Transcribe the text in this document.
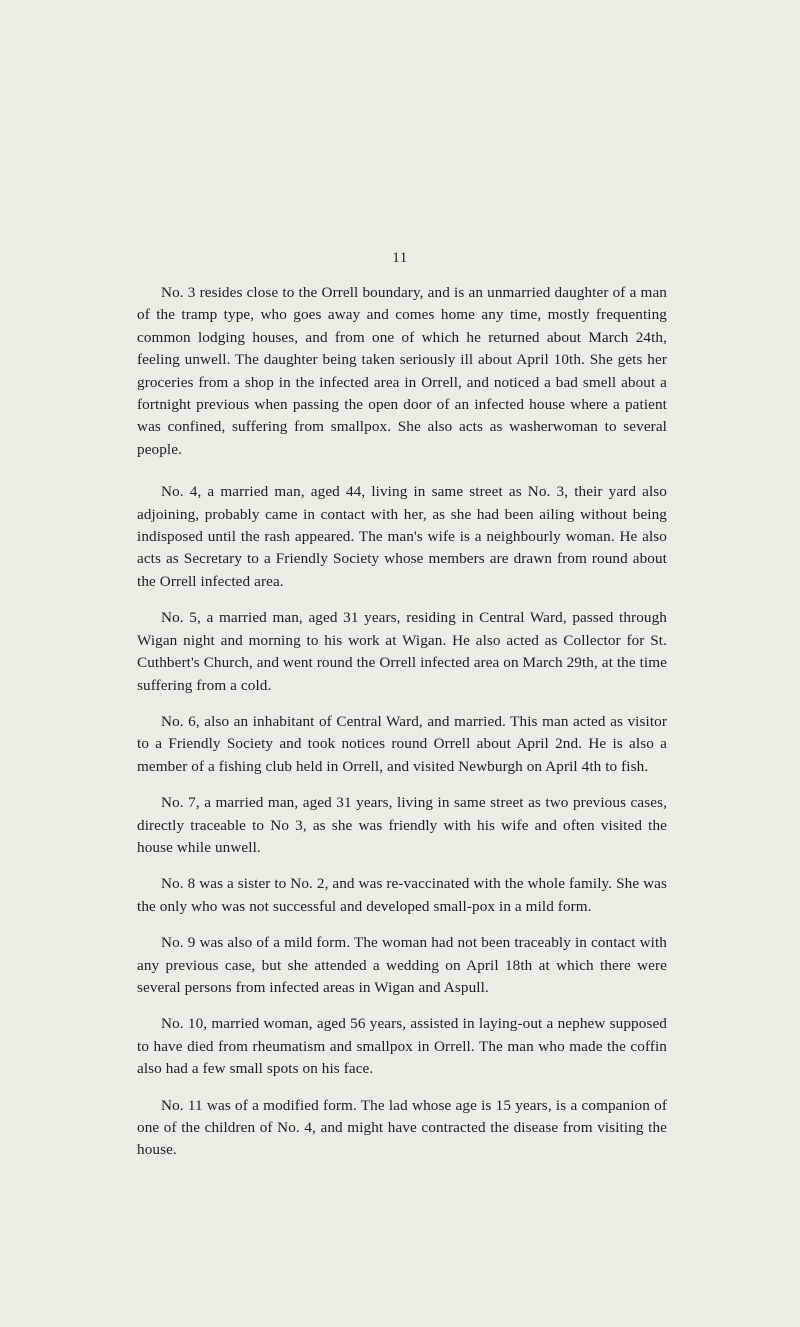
11

No. 3 resides close to the Orrell boundary, and is an unmarried daughter of a man of the tramp type, who goes away and comes home any time, mostly frequenting common lodging houses, and from one of which he returned about March 24th, feeling unwell. The daughter being taken seriously ill about April 10th. She gets her groceries from a shop in the infected area in Orrell, and noticed a bad smell about a fortnight previous when passing the open door of an infected house where a patient was confined, suffering from smallpox. She also acts as washerwoman to several people.

No. 4, a married man, aged 44, living in same street as No. 3, their yard also adjoining, probably came in contact with her, as she had been ailing without being indisposed until the rash appeared. The man's wife is a neighbourly woman. He also acts as Secretary to a Friendly Society whose members are drawn from round about the Orrell infected area.

No. 5, a married man, aged 31 years, residing in Central Ward, passed through Wigan night and morning to his work at Wigan. He also acted as Collector for St. Cuthbert's Church, and went round the Orrell infected area on March 29th, at the time suffering from a cold.

No. 6, also an inhabitant of Central Ward, and married. This man acted as visitor to a Friendly Society and took notices round Orrell about April 2nd. He is also a member of a fishing club held in Orrell, and visited Newburgh on April 4th to fish.

No. 7, a married man, aged 31 years, living in same street as two previous cases, directly traceable to No 3, as she was friendly with his wife and often visited the house while unwell.

No. 8 was a sister to No. 2, and was re-vaccinated with the whole family. She was the only who was not successful and developed small-pox in a mild form.

No. 9 was also of a mild form. The woman had not been traceably in contact with any previous case, but she attended a wedding on April 18th at which there were several persons from infected areas in Wigan and Aspull.

No. 10, married woman, aged 56 years, assisted in laying-out a nephew supposed to have died from rheumatism and smallpox in Orrell. The man who made the coffin also had a few small spots on his face.

No. 11 was of a modified form. The lad whose age is 15 years, is a companion of one of the children of No. 4, and might have contracted the disease from visiting the house.
